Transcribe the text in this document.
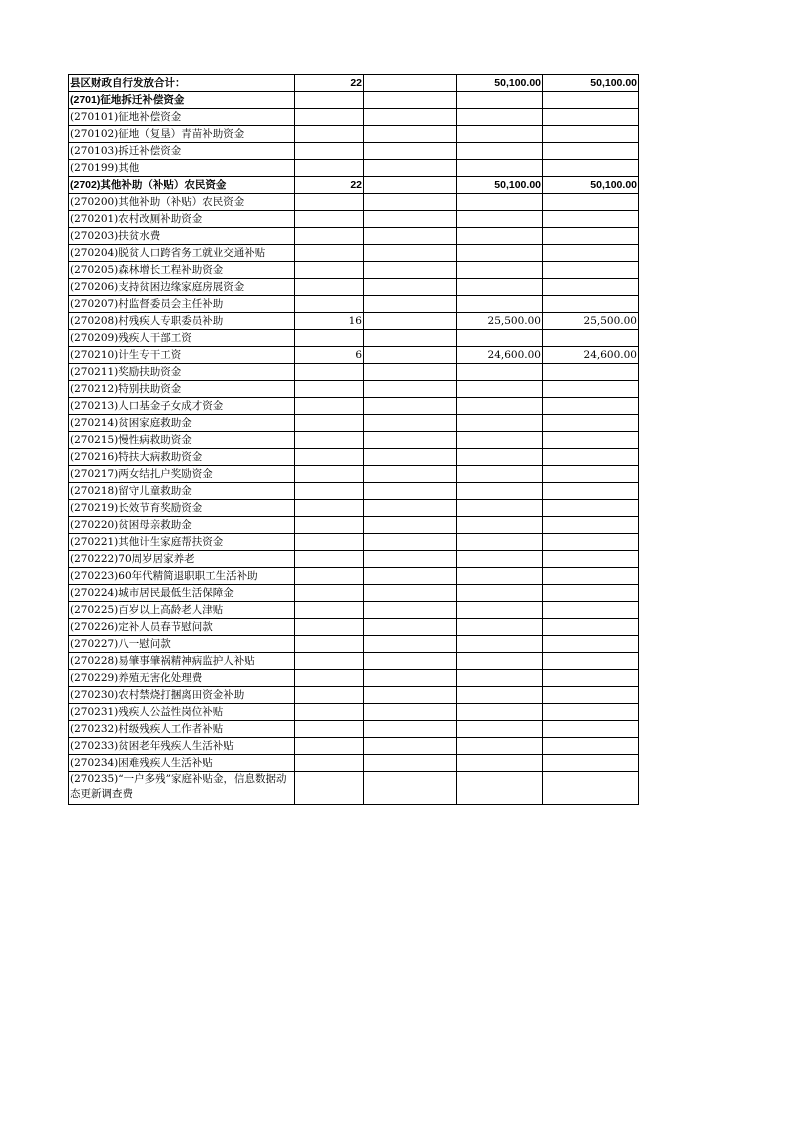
县区财政自行发放合计：	22		50,100.00	50,100.00
(2701)征地拆迁补偿资金				
(270101)征地补偿资金				
(270102)征地（复垦）青苗补助资金				
(270103)拆迁补偿资金				
(270199)其他				
(2702)其他补助（补贴）农民资金	22		50,100.00	50,100.00
(270200)其他补助（补贴）农民资金				
(270201)农村改厕补助资金				
(270203)扶贫水费				
(270204)脱贫人口跨省务工就业交通补贴				
(270205)森林增长工程补助资金				
(270206)支持贫困边缘家庭房展资金				
(270207)村监督委员会主任补助				
(270208)村残疾人专职委员补助	16		25,500.00	25,500.00
(270209)残疾人干部工资				
(270210)计生专干工资	6		24,600.00	24,600.00
(270211)奖励扶助资金				
(270212)特别扶助资金				
(270213)人口基金子女成才资金				
(270214)贫困家庭救助金				
(270215)慢性病救助资金				
(270216)特扶大病救助资金				
(270217)两女结扎户奖励资金				
(270218)留守儿童救助金				
(270219)长效节育奖励资金				
(270220)贫困母亲救助金				
(270221)其他计生家庭帮扶资金				
(270222)70周岁居家养老				
(270223)60年代精简退职职工生活补助				
(270224)城市居民最低生活保障金				
(270225)百岁以上高龄老人津贴				
(270226)定补人员春节慰问款				
(270227)八一慰问款				
(270228)易肇事肇祸精神病监护人补贴				
(270229)养殖无害化处理费				
(270230)农村禁烧打捆离田资金补助				
(270231)残疾人公益性岗位补贴				
(270232)村级残疾人工作者补贴				
(270233)贫困老年残疾人生活补贴				
(270234)困难残疾人生活补贴				
(270235)“一户多残”家庭补贴金，信息数据动态更新调查费				
